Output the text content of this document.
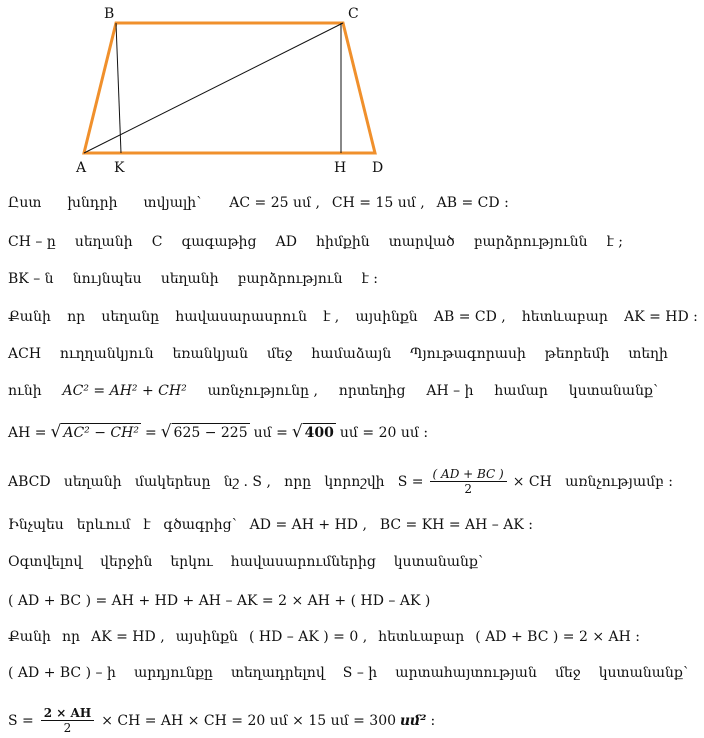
B	C
A K	H D
Ըստ խնդրի տվյալի՝ AC = 25 սմ , CH = 15 սմ , AB = CD :
CH – ը սեղանի C գագաթից AD հիմքին տարված բարձրությունն է ;
BK – ն նույնպես սեղանի բարձրություն է :
Քանի որ սեղանը հավասարասրուն է , այսինքն AB = CD , հետևաբար AK = HD :
ACH ուղղանկյուն եռանկյան մեջ համաձայն Պյութագորասի թեորեմի տեղի
ունի AC² = AH² + CH² առնչությունը , որտեղից AH – ի համար կստանանք՝
AH = √ AC² − CH² = √ 625 − 225 սմ = √ 400 սմ = 20 սմ :
ABCD սեղանի մակերեսը նշ . S , որը կորոշվի $S = \frac{( AD + BC )}{2}$ × CH առնչությամբ :
Ինչպես երևում է գծագրից՝ AD = AH + HD , BC = KH = AH – AK :
Օգտվելով վերջին երկու հավասարումներից կստանանք՝
( AD + BC ) = AH + HD + AH – AK = 2 × AH + ( HD – AK )
Քանի որ AK = HD , այսինքն ( HD – AK ) = 0 , հետևաբար ( AD + BC ) = 2 × AH :
( AD + BC ) – ի արդյունքը տեղադրելով S – ի արտահայտության մեջ կստանանք՝
$S = \frac{2 \times AH}{2}$ × CH = AH × CH = 20 սմ × 15 սմ = 300 սմ² :
